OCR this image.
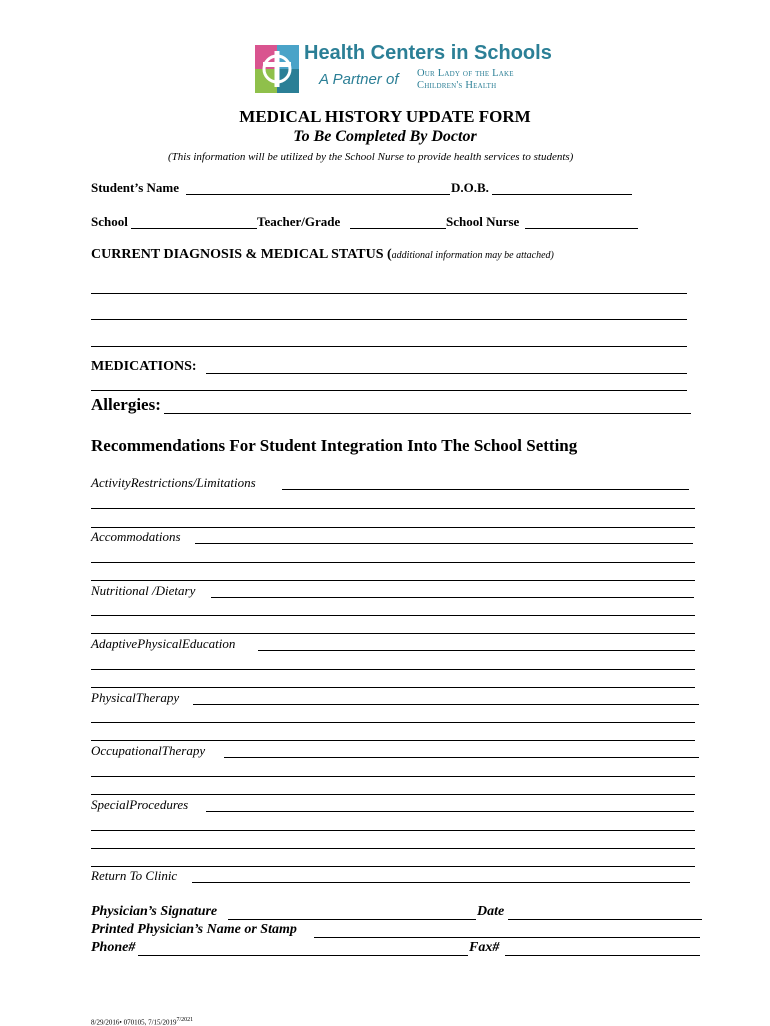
Health Centers in Schools
A Partner of Our Lady of the Lake
Children's Health
MEDICAL HISTORY UPDATE FORM
To Be Completed By Doctor
(This information will be utilized by the School Nurse to provide health services to students)
Student’s Name	D.O.B.
School	Teacher/Grade	School Nurse
CURRENT DIAGNOSIS & MEDICAL STATUS (additional information may be attached)
MEDICATIONS:
Allergies:
Recommendations For Student Integration Into The School Setting
ActivityRestrictions/Limitations
Accommodations
Nutritional /Dietary
AdaptivePhysicalEducation
PhysicalTherapy
OccupationalTherapy
SpecialProcedures
Return To Clinic
Physician’s Signature	Date
Printed Physician’s Name or Stamp
Phone#	Fax#
8/29/2016• 070105, $7/15/2019^{7/2021}$
